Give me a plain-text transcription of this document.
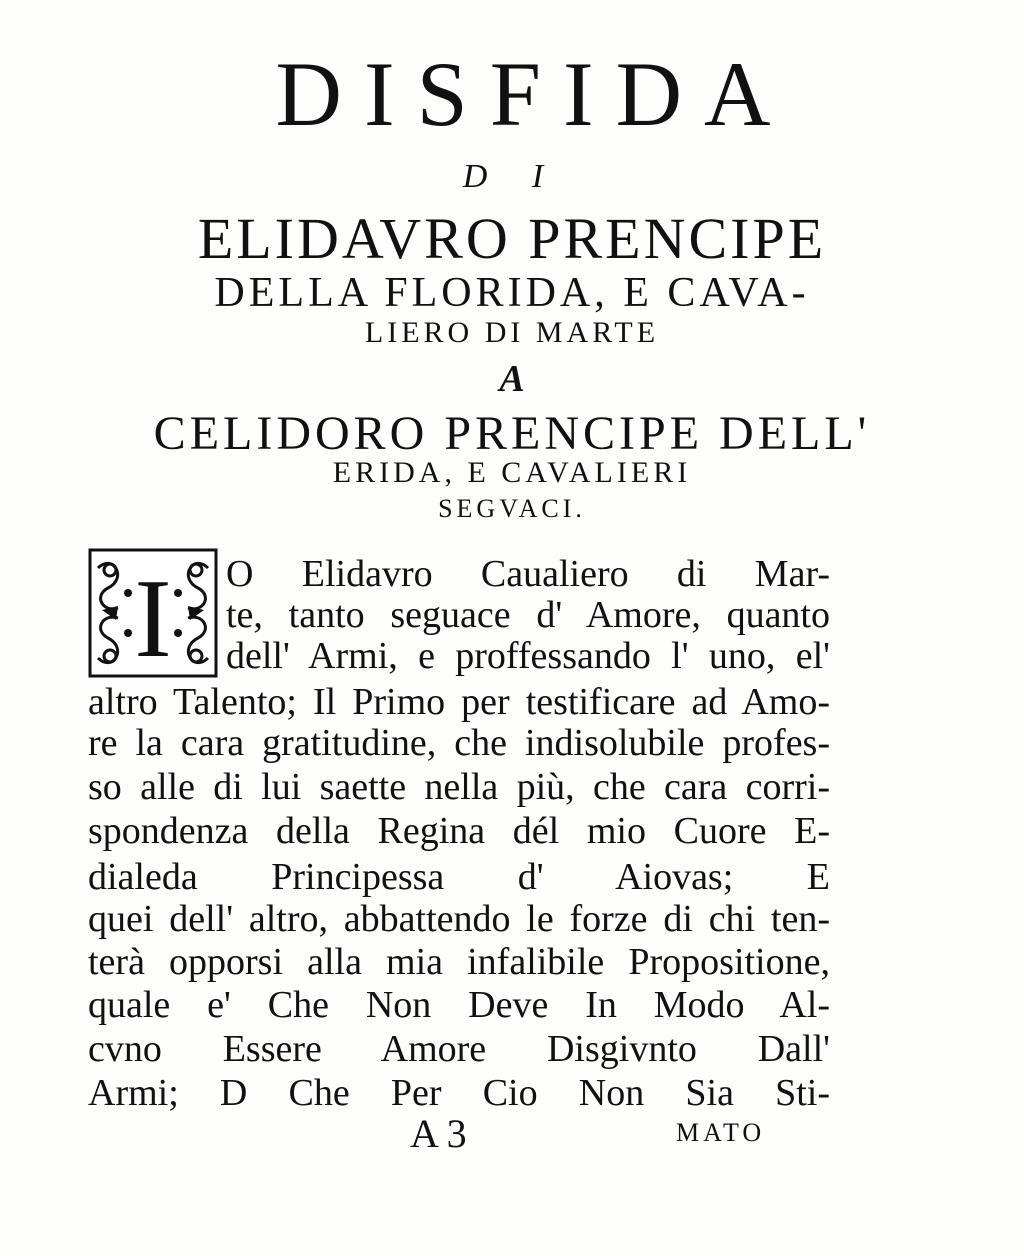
DISFIDA
D I
ELIDAVRO PRENCIPE
DELLA FLORIDA, E CAVA-
LIERO DI MARTE
A
CELIDORO PRENCIPE DELL'
ERIDA, E CAVALIERI
SEGVACI.
I O Elidavro Caualiero di Mar-
te, tanto seguace d' Amore, quanto
dell' Armi, e proffessando l' uno, el'
altro Talento; Il Primo per testificare ad Amo-
re la cara gratitudine, che indisolubile profes-
so alle di lui saette nella più, che cara corri-
spondenza della Regina dél mio Cuore E-
dialeda Principessa d' Aiovas; E
quei dell' altro, abbattendo le forze di chi ten-
terà opporsi alla mia infalibile Propositione,
quale e' Che Non Deve In Modo Al-
cvno Essere Amore Disgivnto Dall'
Armi; D Che Per Cio Non Sia Sti-
A 3	MATO
